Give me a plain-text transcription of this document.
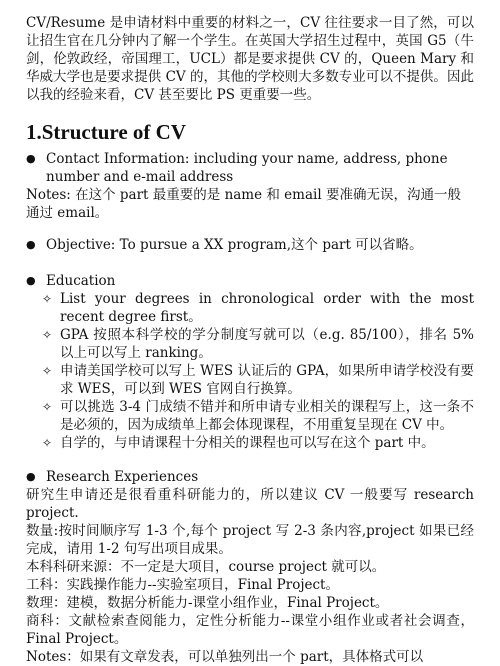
CV/Resume 是申请材料中重要的材料之一，CV 往往要求一目了然，可以让招生官在几分钟内了解一个学生。在英国大学招生过程中，英国 G5（牛剑，伦敦政经，帝国理工，UCL）都是要求提供 CV 的，Queen Mary 和华威大学也是要求提供 CV 的，其他的学校则大多数专业可以不提供。因此以我的经验来看，CV 甚至要比 PS 更重要一些。

1.Structure of CV
● Contact Information: including your name, address, phone number and e-mail address

Notes: 在这个 part 最重要的是 name 和 email 要准确无误，沟通一般通过 email。

● Objective: To pursue a XX program,这个 part 可以省略。
● Education
✧ List your degrees in chronological order with the most recent degree first。
✧ GPA 按照本科学校的学分制度写就可以（e.g. 85/100），排名 5% 以上可以写上 ranking。
✧ 申请美国学校可以写上 WES 认证后的 GPA，如果所申请学校没有要求 WES，可以到 WES 官网自行换算。
✧ 可以挑选 3-4 门成绩不错并和所申请专业相关的课程写上，这一条不是必须的，因为成绩单上都会体现课程，不用重复呈现在 CV 中。
✧ 自学的，与申请课程十分相关的课程也可以写在这个 part 中。
● Research Experiences

研究生申请还是很看重科研能力的，所以建议 CV 一般要写 research project.

数量:按时间顺序写 1-3 个,每个 project 写 2-3 条内容,project 如果已经完成，请用 1-2 句写出项目成果。

本科科研来源：不一定是大项目，course project 就可以。

工科：实践操作能力--实验室项目，Final Project。

数理：建模，数据分析能力-课堂小组作业，Final Project。

商科：文献检索查阅能力，定性分析能力--课堂小组作业或者社会调查，Final Project。

Notes：如果有文章发表，可以单独列出一个 part，具体格式可以
